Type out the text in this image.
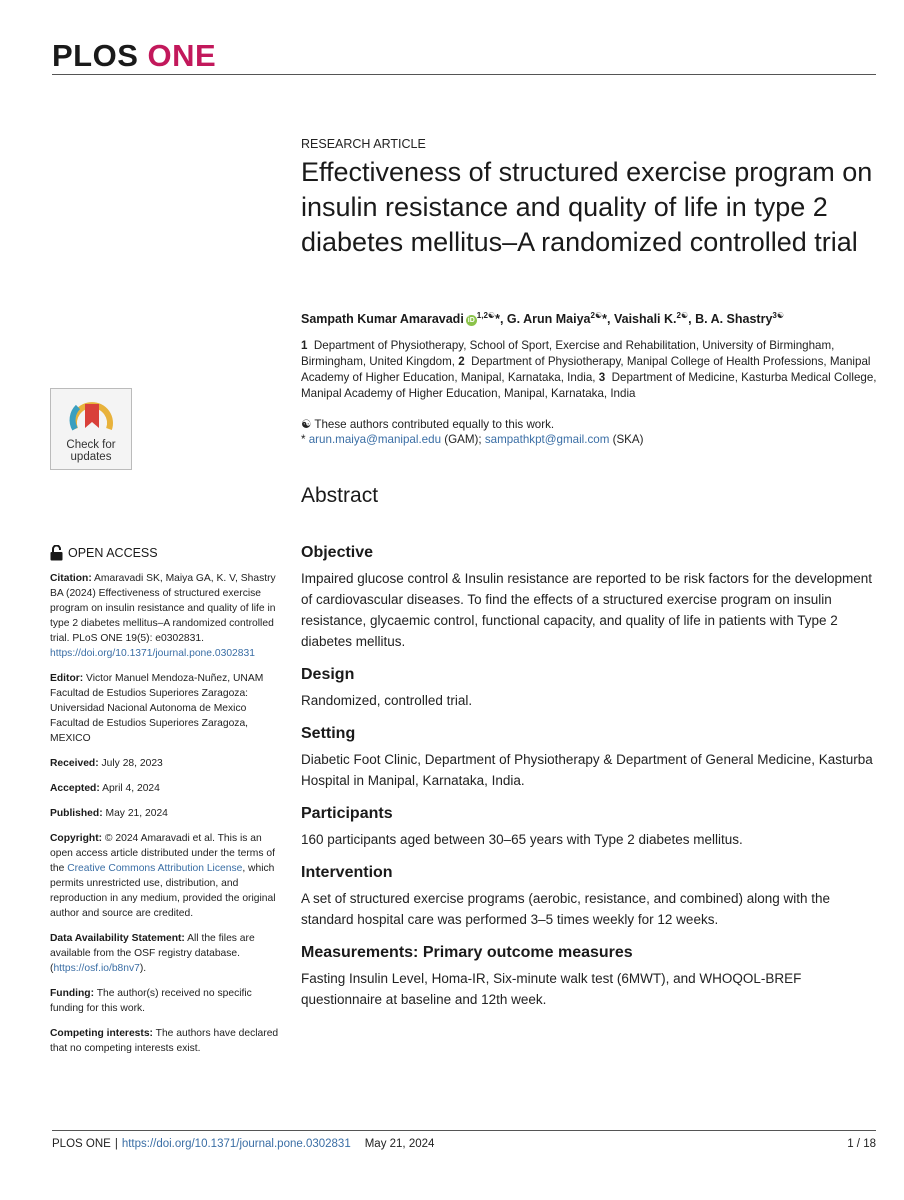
PLOS ONE
RESEARCH ARTICLE
Effectiveness of structured exercise program on insulin resistance and quality of life in type 2 diabetes mellitus–A randomized controlled trial
Sampath Kumar Amaravadi $iD^{1,2☯}*$, G. Arun Maiya$^{2☯}$*, Vaishali K.$^{2☯}$, B. A. Shastry$^{3☯}$
1 Department of Physiotherapy, School of Sport, Exercise and Rehabilitation, University of Birmingham, Birmingham, United Kingdom, 2 Department of Physiotherapy, Manipal College of Health Professions, Manipal Academy of Higher Education, Manipal, Karnataka, India, 3 Department of Medicine, Kasturba Medical College, Manipal Academy of Higher Education, Manipal, Karnataka, India
☯ These authors contributed equally to this work.
* arun.maiya@manipal.edu (GAM); sampathkpt@gmail.com (SKA)
Check for
updates
OPEN ACCESS
Citation: Amaravadi SK, Maiya GA, K. V, Shastry BA (2024) Effectiveness of structured exercise program on insulin resistance and quality of life in type 2 diabetes mellitus–A randomized controlled trial. PLoS ONE 19(5): e0302831. https://doi.org/10.1371/journal.pone.0302831
Editor: Victor Manuel Mendoza-Nuñez, UNAM Facultad de Estudios Superiores Zaragoza: Universidad Nacional Autonoma de Mexico Facultad de Estudios Superiores Zaragoza, MEXICO
Received: July 28, 2023
Accepted: April 4, 2024
Published: May 21, 2024
Copyright: © 2024 Amaravadi et al. This is an open access article distributed under the terms of the Creative Commons Attribution License, which permits unrestricted use, distribution, and reproduction in any medium, provided the original author and source are credited.
Data Availability Statement: All the files are available from the OSF registry database. (https://osf.io/b8nv7).
Funding: The author(s) received no specific funding for this work.
Competing interests: The authors have declared that no competing interests exist.
Abstract
Objective

Impaired glucose control & Insulin resistance are reported to be risk factors for the development of cardiovascular diseases. To find the effects of a structured exercise program on insulin resistance, glycaemic control, functional capacity, and quality of life in patients with Type 2 diabetes mellitus.

Design

Randomized, controlled trial.

Setting

Diabetic Foot Clinic, Department of Physiotherapy & Department of General Medicine, Kasturba Hospital in Manipal, Karnataka, India.

Participants

160 participants aged between 30–65 years with Type 2 diabetes mellitus.

Intervention

A set of structured exercise programs (aerobic, resistance, and combined) along with the standard hospital care was performed 3–5 times weekly for 12 weeks.

Measurements: Primary outcome measures

Fasting Insulin Level, Homa-IR, Six-minute walk test (6MWT), and WHOQOL-BREF questionnaire at baseline and 12th week.

PLOS ONE | https://doi.org/10.1371/journal.pone.0302831 May 21, 2024	1 / 18
